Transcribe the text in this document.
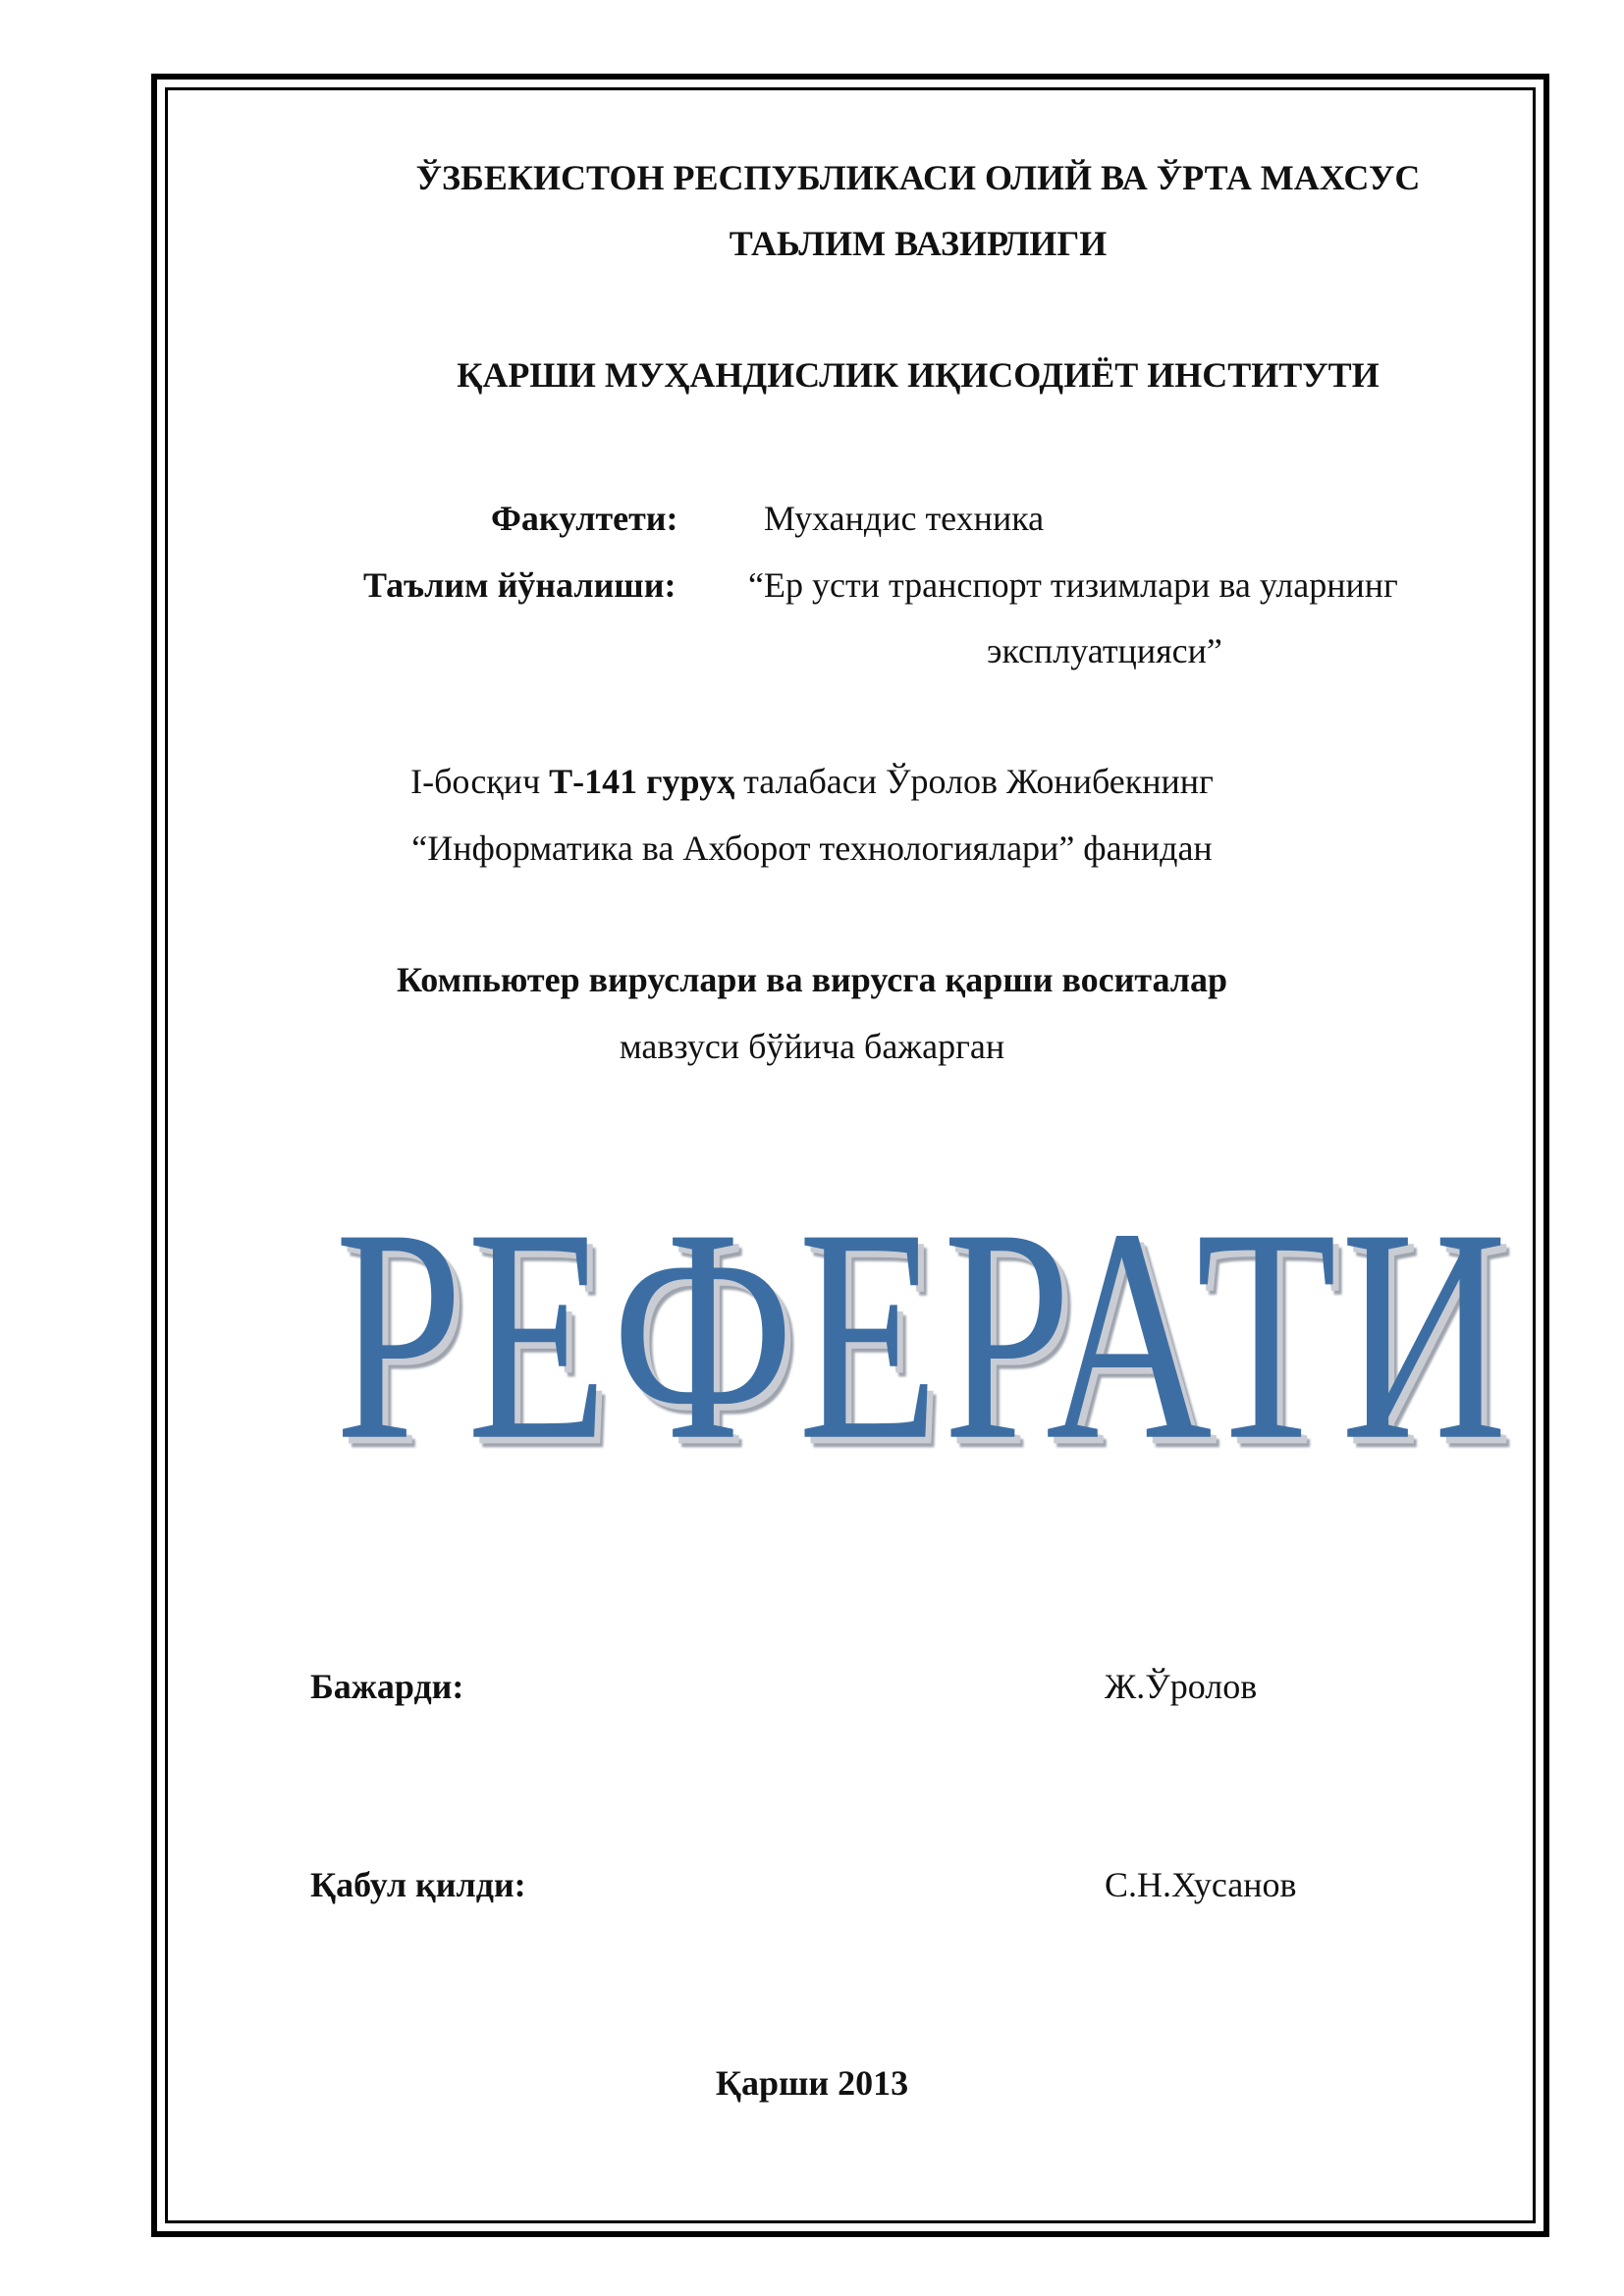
ЎЗБЕКИСТОН РЕСПУБЛИКАСИ ОЛИЙ ВА ЎРТА МАХСУС
ТАЬЛИМ ВАЗИРЛИГИ
ҚАРШИ МУҲАНДИСЛИК ИҚИСОДИЁТ ИНСТИТУТИ
Факултети: Мухандис техника
Таълим йўналиши: “Ер усти транспорт тизимлари ва уларнинг
эксплуатцияси”
I-босқич Т-141 гуруҳ талабаси Ўролов Жонибекнинг
“Информатика ва Ахборот технологиялари” фанидан
Компьютер вируслари ва вирусга қарши воситалар
мавзуси бўйича бажарган
РЕФЕРАТИ
Бажарди:	Ж.Ўролов
Қабул қилди:	С.Н.Хусанов
Қарши 2013
